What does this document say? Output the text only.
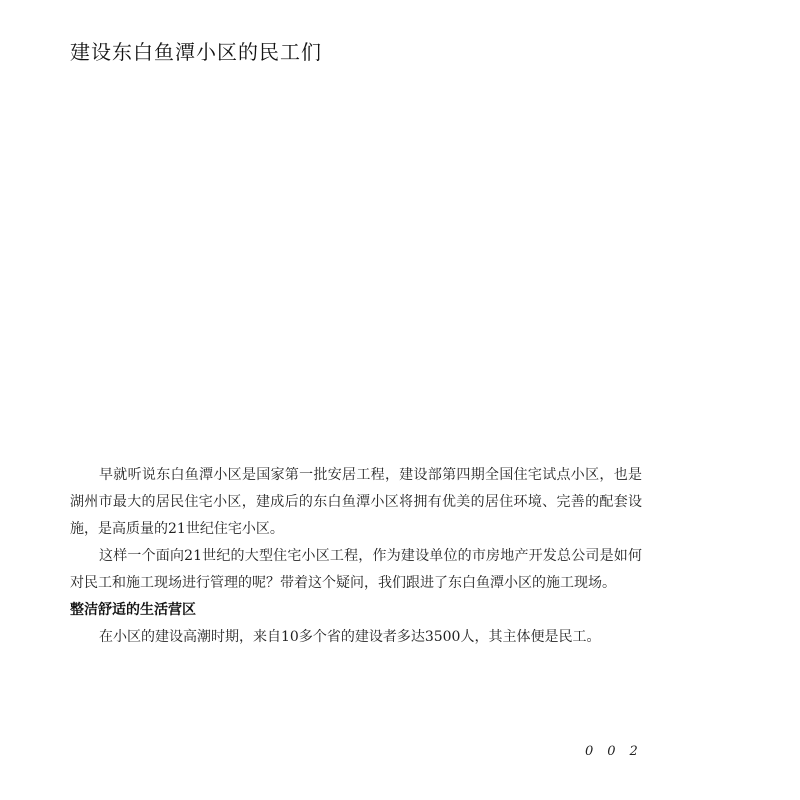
建设东白鱼潭小区的民工们

早就听说东白鱼潭小区是国家第一批安居工程，建设部第四期全国住宅试点小区，也是湖州市最大的居民住宅小区，建成后的东白鱼潭小区将拥有优美的居住环境、完善的配套设施，是高质量的21世纪住宅小区。

这样一个面向21世纪的大型住宅小区工程，作为建设单位的市房地产开发总公司是如何对民工和施工现场进行管理的呢？带着这个疑问，我们跟进了东白鱼潭小区的施工现场。

整洁舒适的生活营区

在小区的建设高潮时期，来自10多个省的建设者多达3500人，其主体便是民工。

002
